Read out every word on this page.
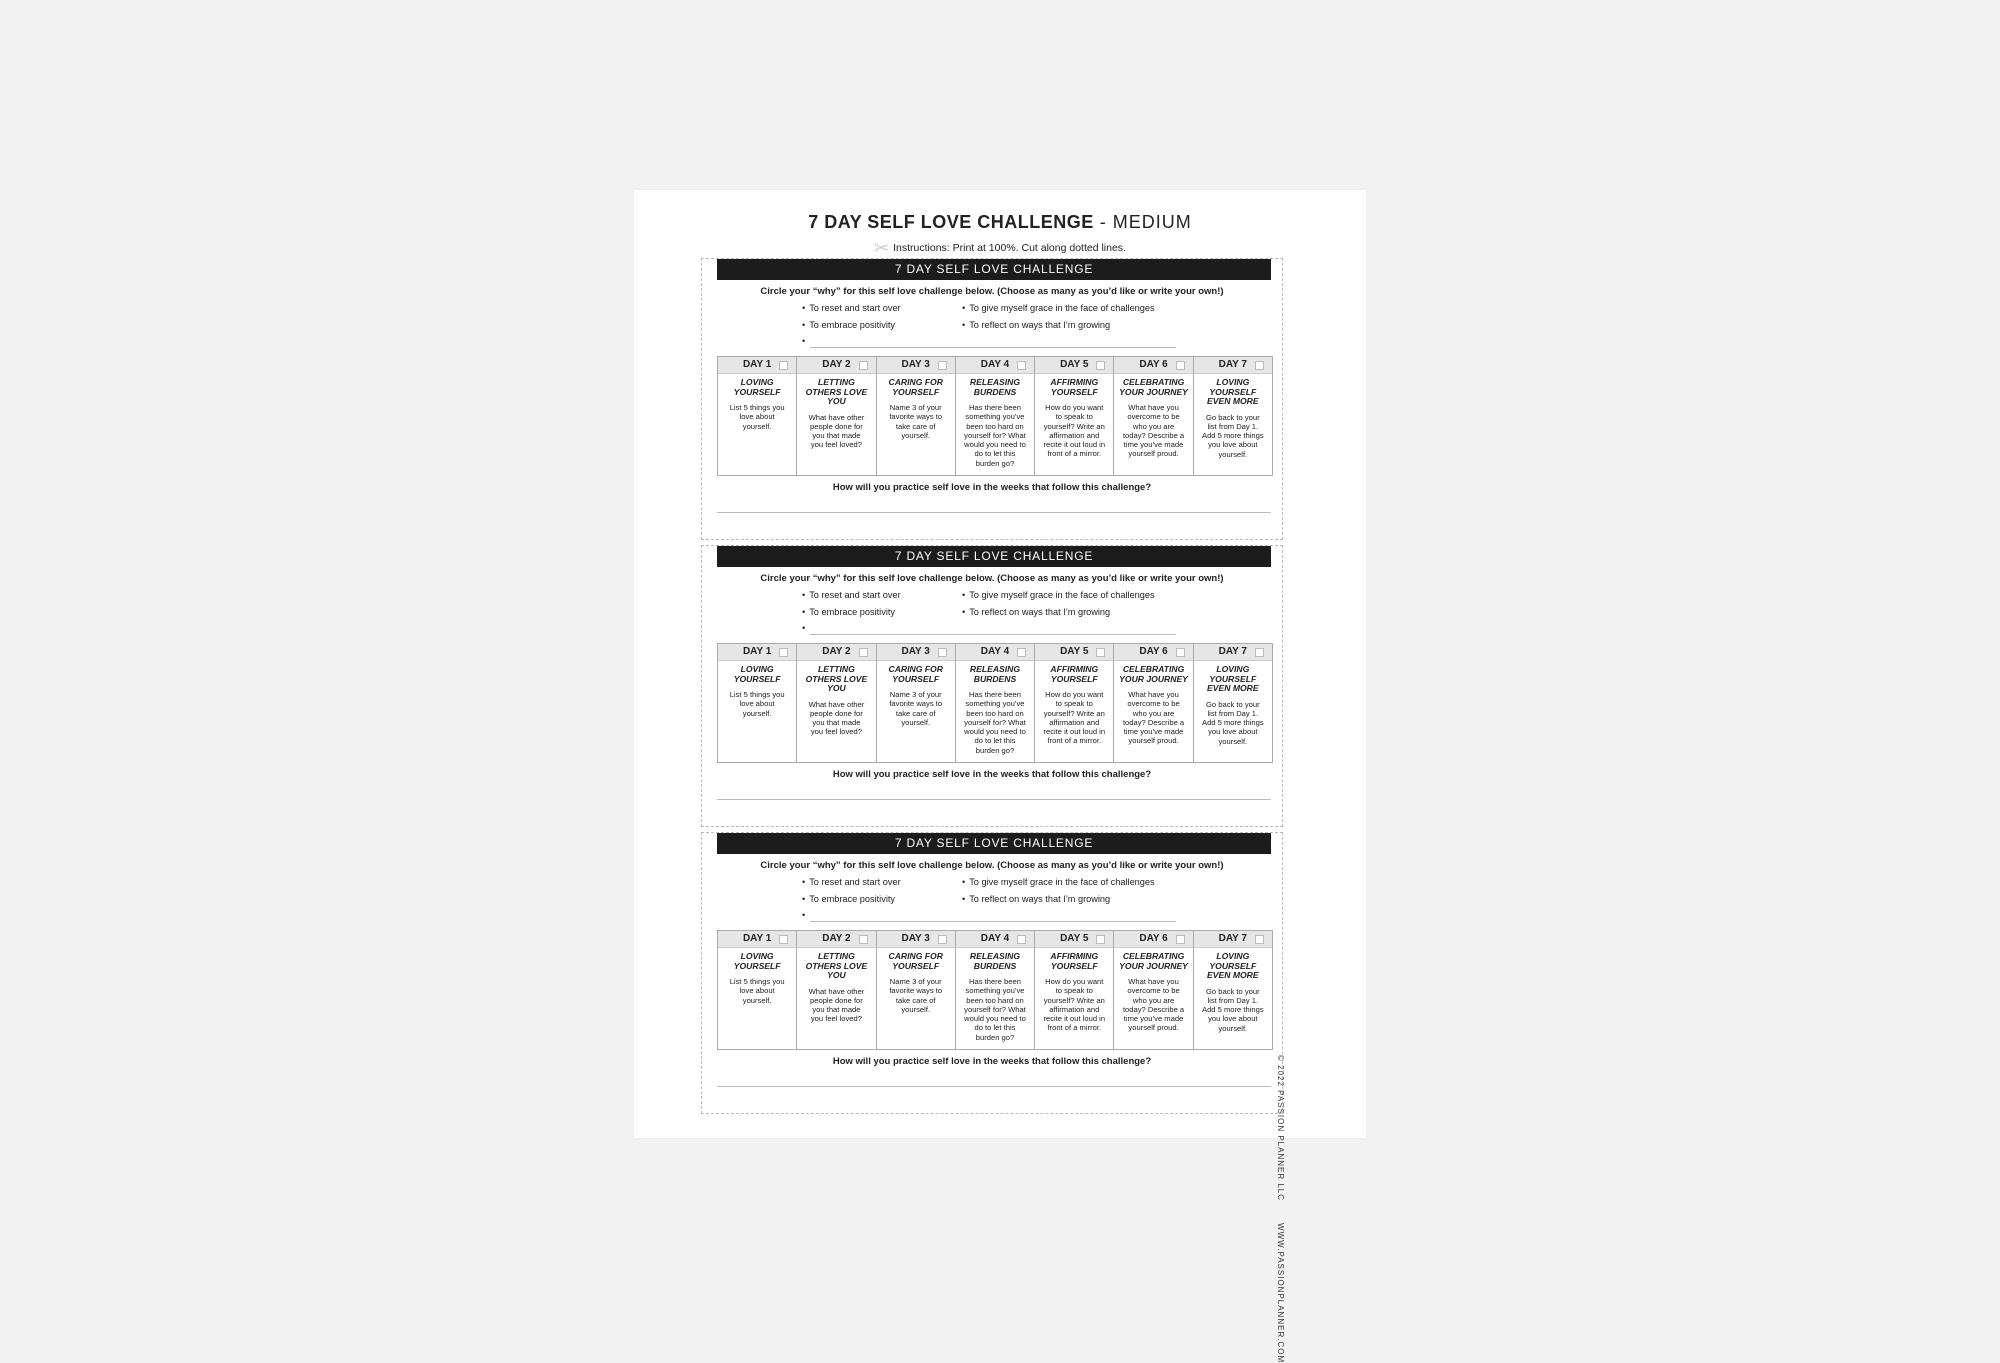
7 DAY SELF LOVE CHALLENGE - MEDIUM
✂ Instructions: Print at 100%. Cut along dotted lines.
© 2022 PASSION PLANNER LLCWWW.PASSIONPLANNER.COM
7 DAY SELF LOVE CHALLENGE
Circle your “why” for this self love challenge below. (Choose as many as you’d like or write your own!)
• To reset and start over
• To embrace positivity
• To give myself grace in the face of challenges
• To reflect on ways that I’m growing
•
DAY 1
LOVING YOURSELF
List 5 things you love about yourself.
DAY 2
LETTING OTHERS LOVE YOU
What have other people done for you that made you feel loved?
DAY 3
CARING FOR YOURSELF
Name 3 of your favorite ways to take care of yourself.
DAY 4
RELEASING BURDENS
Has there been something you’ve been too hard on yourself for? What would you need to do to let this burden go?
DAY 5
AFFIRMING YOURSELF
How do you want to speak to yourself? Write an affirmation and recite it out loud in front of a mirror.
DAY 6
CELEBRATING YOUR JOURNEY
What have you overcome to be who you are today? Describe a time you’ve made yourself proud.
DAY 7
LOVING YOURSELF EVEN MORE
Go back to your list from Day 1. Add 5 more things you love about yourself.
How will you practice self love in the weeks that follow this challenge?
7 DAY SELF LOVE CHALLENGE
Circle your “why” for this self love challenge below. (Choose as many as you’d like or write your own!)
• To reset and start over
• To embrace positivity
• To give myself grace in the face of challenges
• To reflect on ways that I’m growing
•
DAY 1
LOVING YOURSELF
List 5 things you love about yourself.
DAY 2
LETTING OTHERS LOVE YOU
What have other people done for you that made you feel loved?
DAY 3
CARING FOR YOURSELF
Name 3 of your favorite ways to take care of yourself.
DAY 4
RELEASING BURDENS
Has there been something you’ve been too hard on yourself for? What would you need to do to let this burden go?
DAY 5
AFFIRMING YOURSELF
How do you want to speak to yourself? Write an affirmation and recite it out loud in front of a mirror.
DAY 6
CELEBRATING YOUR JOURNEY
What have you overcome to be who you are today? Describe a time you’ve made yourself proud.
DAY 7
LOVING YOURSELF EVEN MORE
Go back to your list from Day 1. Add 5 more things you love about yourself.
How will you practice self love in the weeks that follow this challenge?
7 DAY SELF LOVE CHALLENGE
Circle your “why” for this self love challenge below. (Choose as many as you’d like or write your own!)
• To reset and start over
• To embrace positivity
• To give myself grace in the face of challenges
• To reflect on ways that I’m growing
•
DAY 1
LOVING YOURSELF
List 5 things you love about yourself.
DAY 2
LETTING OTHERS LOVE YOU
What have other people done for you that made you feel loved?
DAY 3
CARING FOR YOURSELF
Name 3 of your favorite ways to take care of yourself.
DAY 4
RELEASING BURDENS
Has there been something you’ve been too hard on yourself for? What would you need to do to let this burden go?
DAY 5
AFFIRMING YOURSELF
How do you want to speak to yourself? Write an affirmation and recite it out loud in front of a mirror.
DAY 6
CELEBRATING YOUR JOURNEY
What have you overcome to be who you are today? Describe a time you’ve made yourself proud.
DAY 7
LOVING YOURSELF EVEN MORE
Go back to your list from Day 1. Add 5 more things you love about yourself.
How will you practice self love in the weeks that follow this challenge?
